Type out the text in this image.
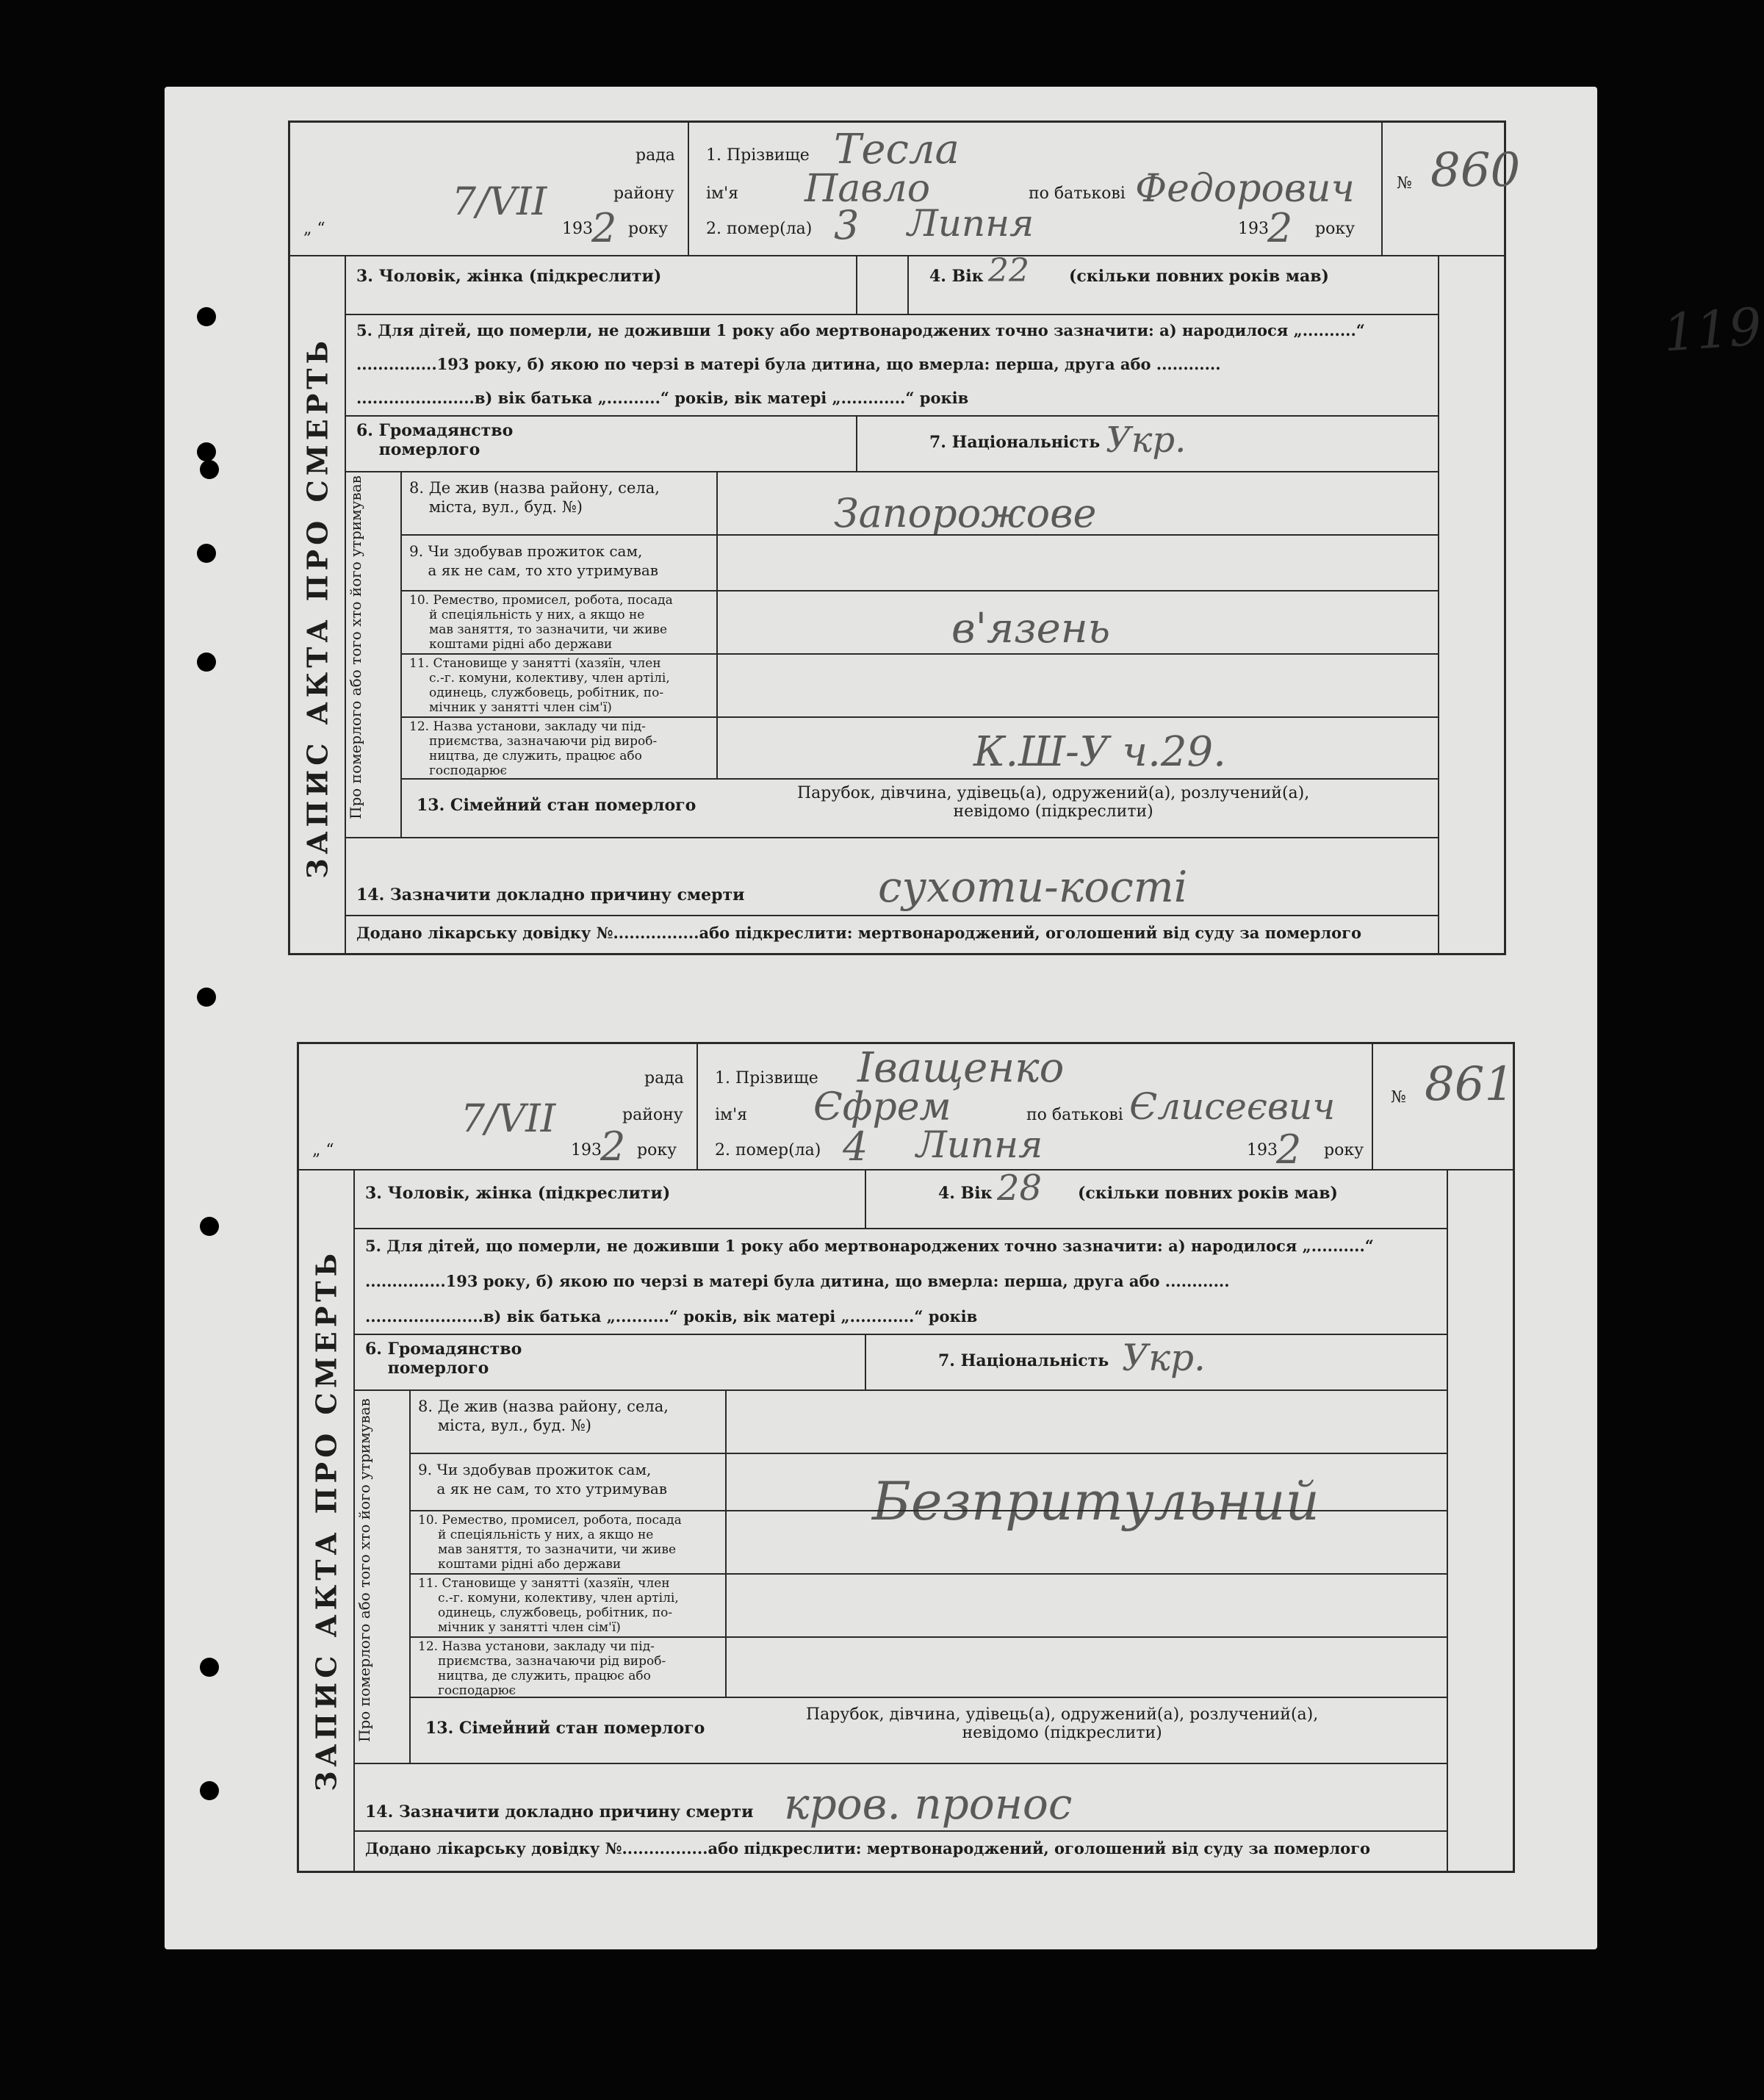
рада
району
„ “	193 року
7/VII
2
1. Прізвище
ім'я	по батькові
2. помер(ла)	193	року
Тесла
Павло	Федорович
3 Липня	2
№ 860
ЗАПИС АКТА ПРО СМЕРТЬ
3. Чоловік, жінка (підкреслити)	4. Вік 22 (скільки повних років мав)
5. Для дітей, що померли, не доживши 1 року або мертвонароджених точно зазначити: а) народилося „..........“
...............193 року, б) якою по черзі в матері була дитина, що вмерла: перша, друга або ............
......................в) вік батька „..........“ років, вік матері „............“ років
6. Громадянство
померлого	7. Національність Укр.
Про померлого або того хто його утримував	8. Де жив (назва району, села,
міста, вул., буд. №)	Запорожове
9. Чи здобував прожиток сам,
а як не сам, то хто утримував
10. Ремество, промисел, робота, посада
й спеціяльність у них, а якщо не
мав заняття, то зазначити, чи живе
коштами рідні або держави	в'язень
11. Становище у занятті (хазяїн, член
с.-г. комуни, колективу, член артілі,
одинець, службовець, робітник, по-
мічник у занятті член сім'ї)
12. Назва установи, закладу чи під-
приємства, зазначаючи рід вироб-
ництва, де служить, працює або
господарює	К.Ш-У ч.29.
13. Сімейний стан померлого
Парубок, дівчина, удівець(а), одружений(а), розлучений(а),
невідомо (підкреслити)
14. Зазначити докладно причину смерти	сухоти-кості
Додано лікарську довідку №................або підкреслити: мертвонароджений, оголошений від суду за померлого
рада
району
„ “	193 року
7/VII
2
1. Прізвище
ім'я	по батькові
2. помер(ла)	193	року
Іващенко
Єфрем	Єлисеєвич
4 Липня	2
№ 861
ЗАПИС АКТА ПРО СМЕРТЬ
3. Чоловік, жінка (підкреслити)	4. Вік 28 (скільки повних років мав)
5. Для дітей, що померли, не доживши 1 року або мертвонароджених точно зазначити: а) народилося „..........“
...............193 року, б) якою по черзі в матері була дитина, що вмерла: перша, друга або ............
......................в) вік батька „..........“ років, вік матері „............“ років
6. Громадянство
померлого	7. Національність Укр.
Про померлого або того хто його утримував	8. Де жив (назва району, села,
міста, вул., буд. №)
9. Чи здобував прожиток сам,
а як не сам, то хто утримував	Безпритульний
10. Ремество, промисел, робота, посада
й спеціяльність у них, а якщо не
мав заняття, то зазначити, чи живе
коштами рідні або держави
11. Становище у занятті (хазяїн, член
с.-г. комуни, колективу, член артілі,
одинець, службовець, робітник, по-
мічник у занятті член сім'ї)
12. Назва установи, закладу чи під-
приємства, зазначаючи рід вироб-
ництва, де служить, працює або
господарює
13. Сімейний стан померлого
Парубок, дівчина, удівець(а), одружений(а), розлучений(а),
невідомо (підкреслити)
14. Зазначити докладно причину смерти кров. пронос
Додано лікарську довідку №................або підкреслити: мертвонароджений, оголошений від суду за померлого
119
